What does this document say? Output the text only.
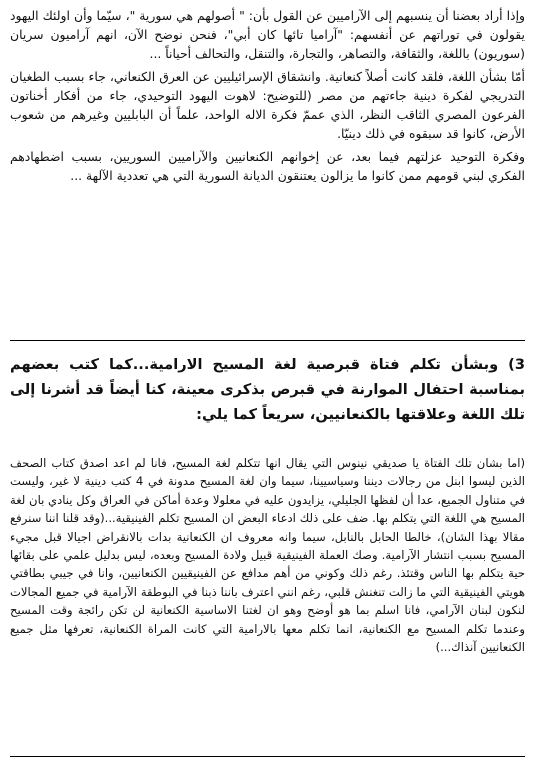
وإذا أراد بعضنا أن ينسبهم إلى الآراميين عن القول بأن: " أصولهم هي سورية "، سيّما وأن اولئك اليهود يقولون في توراتهم عن أنفسهم: "آراميا تائها كان أبي"، فنحن نوضح الآن، انهم آراميون سريان (سوريون) باللغة، والثقافة، والتصاهر، والتجارة، والتنقل، والتحالف أحياناً ...

أمّا بشأن اللغة، فلقد كانت أصلاً كنعانية. وانشقاق الإسرائيليين عن العرق الكنعاني، جاء بسبب الطغيان التدريجي لفكرة دينية جاءتهم من مصر (للتوضيح: لاهوت اليهود التوحيدي، جاء من أفكار أخناتون الفرعون المصري الثاقب النظر، الذي عممّ فكرة الاله الواحد، علماً أن البابليين وغيرهم من شعوب الأرض، كانوا قد سبقوه في ذلك دينيّا.

وفكرة التوحيد عزلتهم فيما بعد، عن إخوانهم الكنعانيين والآراميين السوريين، بسبب اضطهادهم الفكري لبني قومهم ممن كانوا ما يزالون يعتنقون الديانة السورية التي هي تعددية الآلهة ...

3) وبشأن تكلم فتاة قبرصية لغة المسيح الارامية...كما كتب بعضهم بمناسبة احتفال الموارنة في قبرص بذكرى معينة، كنا أيضاً قد أشرنا إلى تلك اللغة وعلاقتها بالكنعانيين، سريعاً كما يلي:

(اما بشان تلك الفتاة يا صديقي نينوس التي يقال انها تتكلم لغة المسيح، فانا لم اعد اصدق كتاب الصحف الذين ليسوا ابنل من رجالات ديننا وسياسيينا، سيما وان لغة المسيح مدونة في 4 كتب دينية لا غير، وليست في متناول الجميع، عدا أن لفظها الجليلي، يزايدون عليه في معلولا وعدة أماكن في العراق وكل ينادي بان لغة المسيح هي اللغة التي يتكلم بها. ضف على ذلك ادعاء البعض ان المسيح تكلم الفينيقية...(وقد قلنا اننا سنرفع مقالا بهذا الشان)، خالطا الحابل بالنابل، سيما وانه معروف ان الكنعانية بدات بالانقراض اجيالا قبل مجيء المسيح بسبب انتشار الآرامية. وصك العملة الفينيقية قبيل ولادة المسيح وبعده، ليس بدليل علمي على بقائها حية يتكلم بها الناس وقتئذ. رغم ذلك وكوني من أهم مدافع عن الفينيقيين الكنعانيين، وانا في جيبي بطاقتي هويتي الفينيقية التي ما زالت تنغنش قلبي، رغم انني اعترف باننا ذبنا في البوطقة الآرامية في جميع المجالات لنكون لبنان الآرامي، فانا اسلم بما هو أوضح وهو ان لغتنا الاساسية الكنعانية لن تكن رائجة وقت المسيح وعندما تكلم المسيح مع الكنعانية، انما تكلم معها بالارامية التي كانت المراة الكنعانية، تعرفها مثل جميع الكنعانيين آنذاك...)
